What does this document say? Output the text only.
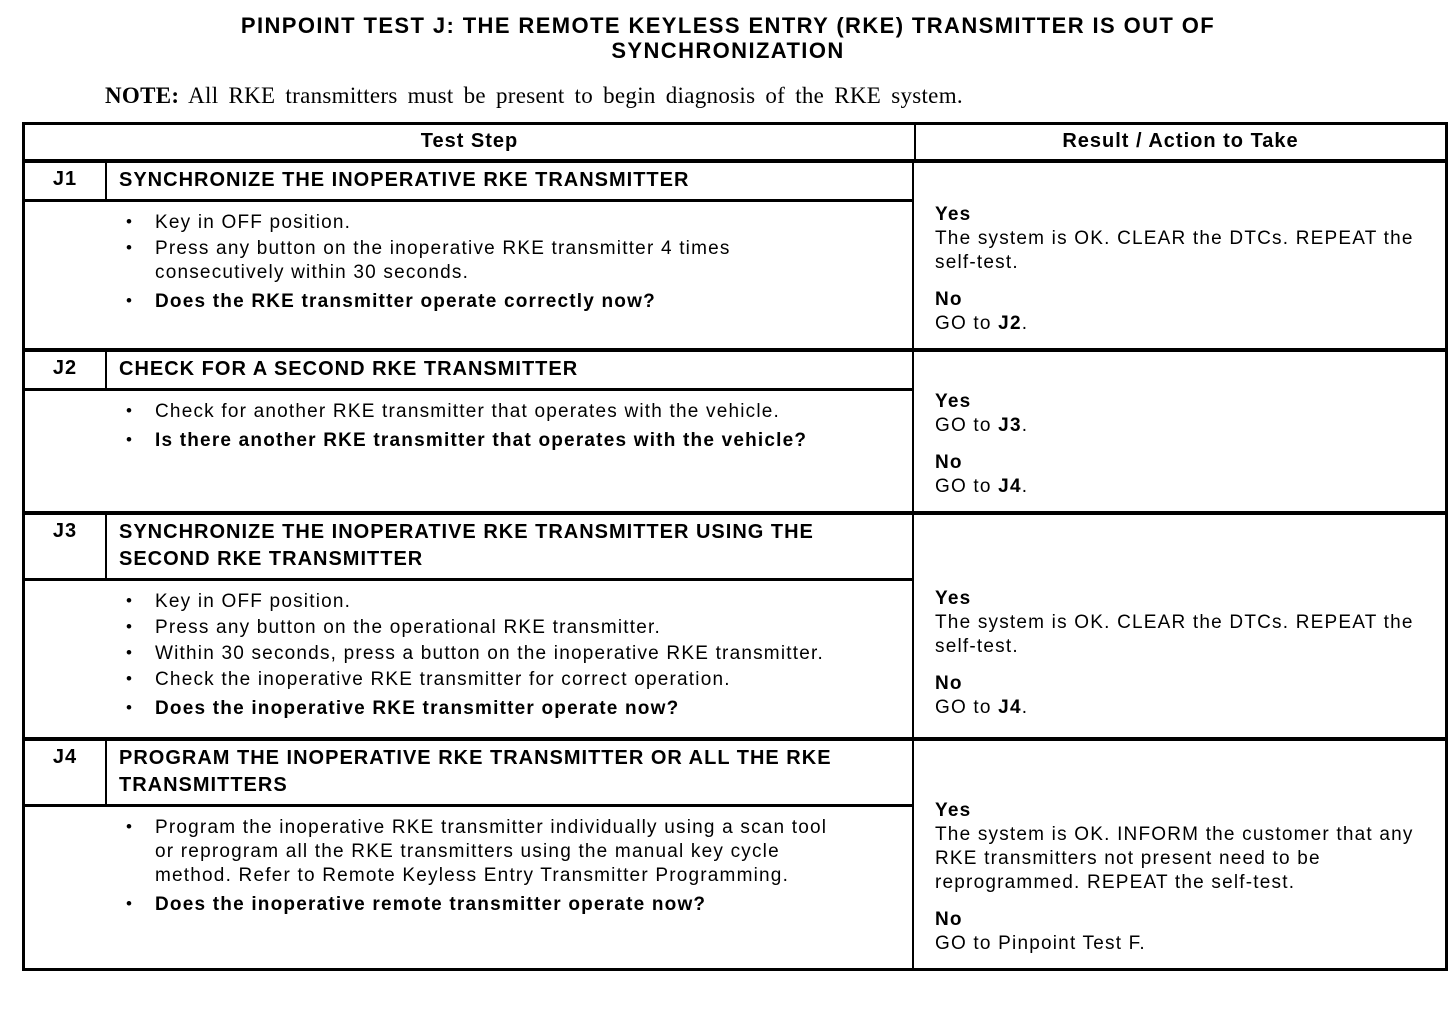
PINPOINT TEST J: THE REMOTE KEYLESS ENTRY (RKE) TRANSMITTER IS OUT OF
SYNCHRONIZATION
NOTE: All RKE transmitters must be present to begin diagnosis of the RKE system.
Test Step	Result / Action to Take
J1	SYNCHRONIZE THE INOPERATIVE RKE TRANSMITTER
• Key in OFF position.
• Press any button on the inoperative RKE transmitter 4 times consecutively within 30 seconds.
• Does the RKE transmitter operate correctly now?
Yes
The system is OK. CLEAR the DTCs. REPEAT the self-test.
No
GO to J2.
J2	CHECK FOR A SECOND RKE TRANSMITTER
• Check for another RKE transmitter that operates with the vehicle.
• Is there another RKE transmitter that operates with the vehicle?
Yes
GO to J3.
No
GO to J4.
J3	SYNCHRONIZE THE INOPERATIVE RKE TRANSMITTER USING THE SECOND RKE TRANSMITTER
• Key in OFF position.
• Press any button on the operational RKE transmitter.
• Within 30 seconds, press a button on the inoperative RKE transmitter.
• Check the inoperative RKE transmitter for correct operation.
• Does the inoperative RKE transmitter operate now?
Yes
The system is OK. CLEAR the DTCs. REPEAT the self-test.
No
GO to J4.
J4	PROGRAM THE INOPERATIVE RKE TRANSMITTER OR ALL THE RKE TRANSMITTERS
• Program the inoperative RKE transmitter individually using a scan tool or reprogram all the RKE transmitters using the manual key cycle method. Refer to Remote Keyless Entry Transmitter Programming.
• Does the inoperative remote transmitter operate now?
Yes
The system is OK. INFORM the customer that any RKE transmitters not present need to be reprogrammed. REPEAT the self-test.
No
GO to Pinpoint Test F.
